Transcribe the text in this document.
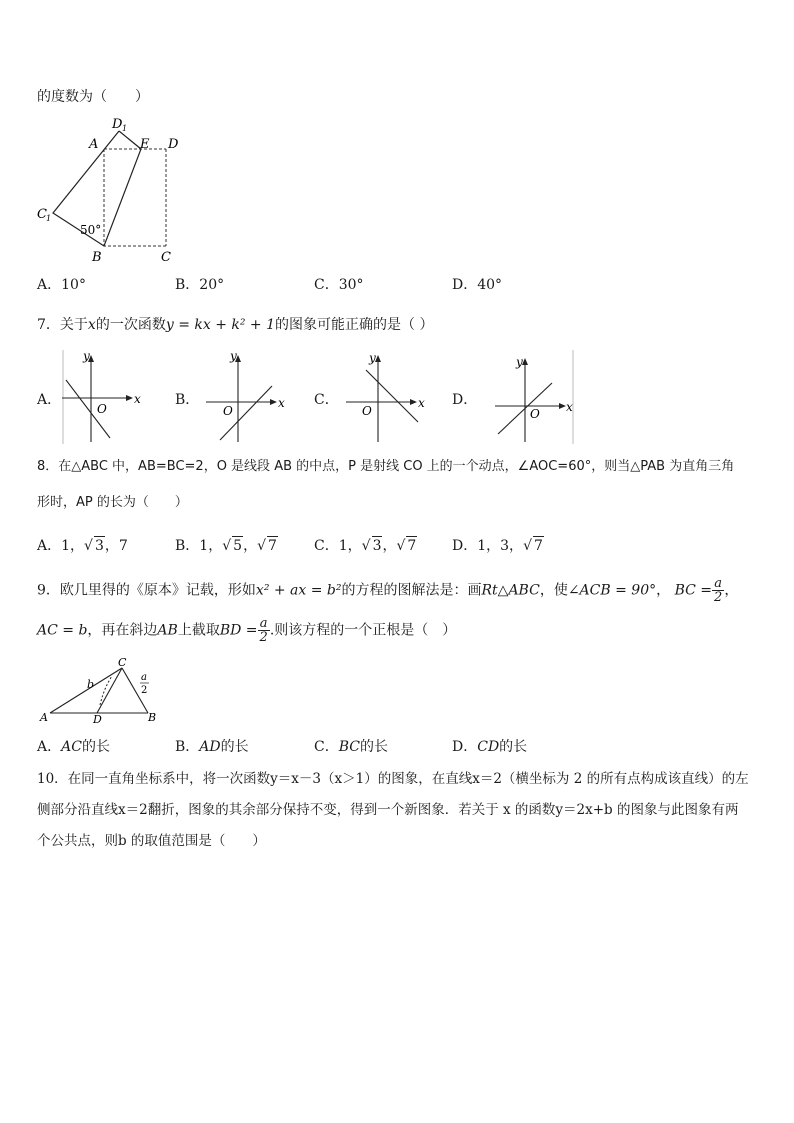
的度数为（　　）
D 1
A	E D
C 1
50°
B	C
A．10°	B．20°	C．30°	D．40°
7．关于x的一次函数y = kx + k² + 1的图象可能正确的是（ ）
A．	B．	C．	D．
y
x
O
y
x
O
y
x
O
y
x
O
8．在△ABC 中，AB=BC=2，O 是线段 AB 的中点，P 是射线 CO 上的一个动点，∠AOC=60°，则当△PAB 为直角三角
形时，AP 的长为（　　）
A．1，√ 3，7	B．1，√ 5，√ 7	C．1，√ 3，√ 7	D．1，3，√ 7
9．欧几里得的《原本》记载，形如x² + ax = b²的方程的图解法是：画Rt△ABC，使∠ACB = 90°， BC = $\frac{a}{2}$ ，
AC = b，再在斜边AB上截取BD = $\frac{a}{2}$ .则该方程的一个正根是（　）
C
b
a
2
A	D	B
A．AC的长	B．AD的长	C．BC的长	D．CD的长
10．在同一直角坐标系中，将一次函数y＝x－3（x＞1）的图象，在直线x＝2（横坐标为 2 的所有点构成该直线）的左
侧部分沿直线x＝2翻折，图象的其余部分保持不变，得到一个新图象．若关于 x 的函数y＝2x+b 的图象与此图象有两
个公共点，则b 的取值范围是（　　）
